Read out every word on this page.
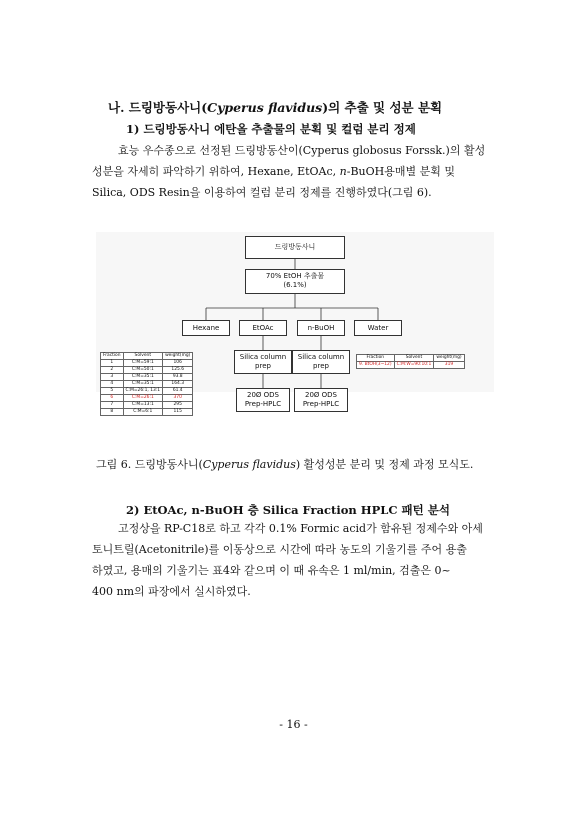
나. 드링방동사니(Cyperus flavidus)의 추출 및 성분 분획
1) 드링방동사니 에탄올 추출물의 분획 및 컬럼 분리 정제
효능 우수종으로 선정된 드링방동산이(Cyperus globosus Forssk.)의 활성
성분을 자세히 파악하기 위하여, Hexane, EtOAc, n-BuOH용매별 분획 및
Silica, ODS Resin을 이용하여 컬럼 분리 정제를 진행하였다(그림 6).
드링방동사니
70% EtOH 추출물
(6.1%)
Hexane	EtOAc	n-BuOH	Water
Silica column
prep
Silica column
prep
Fraction	Solvent	weight(mg)
1	C:M=59:1	106
2	C:M=50:1	125.6
3	C:M=35:1	93.8
4	C:M=35:1	164.3
5	C:M=26:1, 13:1	61.4
6	C:M=26:1	370
7	C:M=13:1	295
8	C:M=6:1	115
Fraction	Solvent	weight(mg)
9. BtOH(3~12)	C:M:W=90:10:1	319
20Ø ODS
Prep-HPLC
20Ø ODS
Prep-HPLC
그림 6. 드링방동사니(Cyperus flavidus) 활성성분 분리 및 정제 과정 모식도.
2) EtOAc, n-BuOH 층 Silica Fraction HPLC 패턴 분석
고정상을 RP-C18로 하고 각각 0.1% Formic acid가 함유된 정제수와 아세
토니트릴(Acetonitrile)를 이동상으로 시간에 따라 농도의 기울기를 주어 용출
하였고, 용매의 기울기는 표4와 같으며 이 때 유속은 1 ml/min, 검출은 0~
400 nm의 파장에서 실시하였다.
- 16 -
